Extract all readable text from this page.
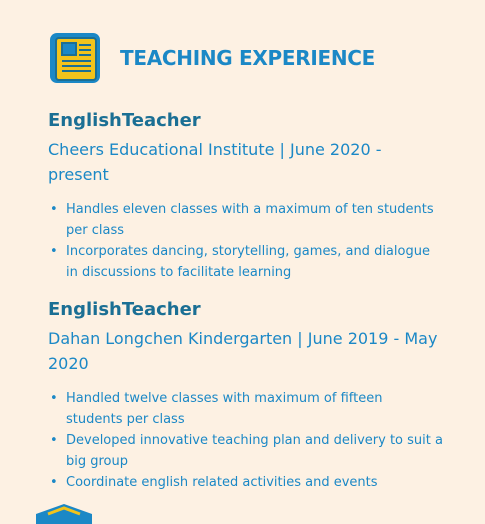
TEACHING EXPERIENCE

EnglishTeacher

Cheers Educational Institute | June 2020 - present

• Handles eleven classes with a maximum of ten students per class
• Incorporates dancing, storytelling, games, and dialogue in discussions to facilitate learning

EnglishTeacher

Dahan Longchen Kindergarten | June 2019 - May 2020

• Handled twelve classes with maximum of fifteen students per class
• Developed innovative teaching plan and delivery to suit a big group
• Coordinate english related activities and events
